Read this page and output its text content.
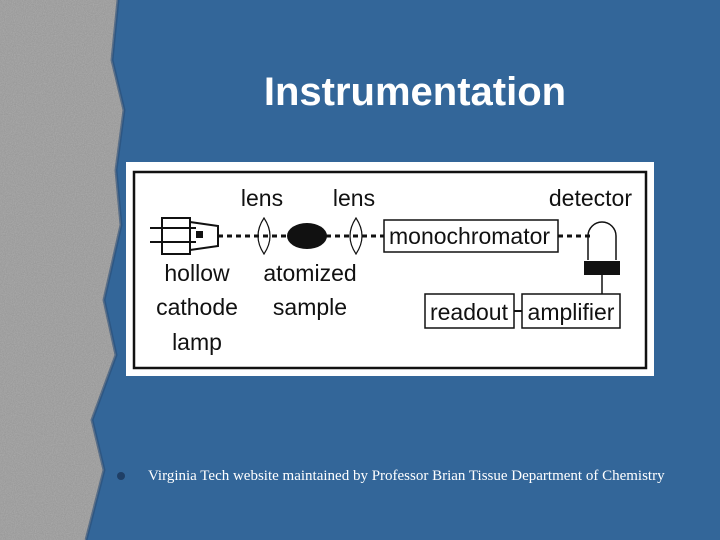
Instrumentation
lens lens	detector
monochromator
hollow
cathode
lamp
atomized
sample	readout amplifier
Virginia Tech website maintained by Professor Brian Tissue Department of Chemistry
